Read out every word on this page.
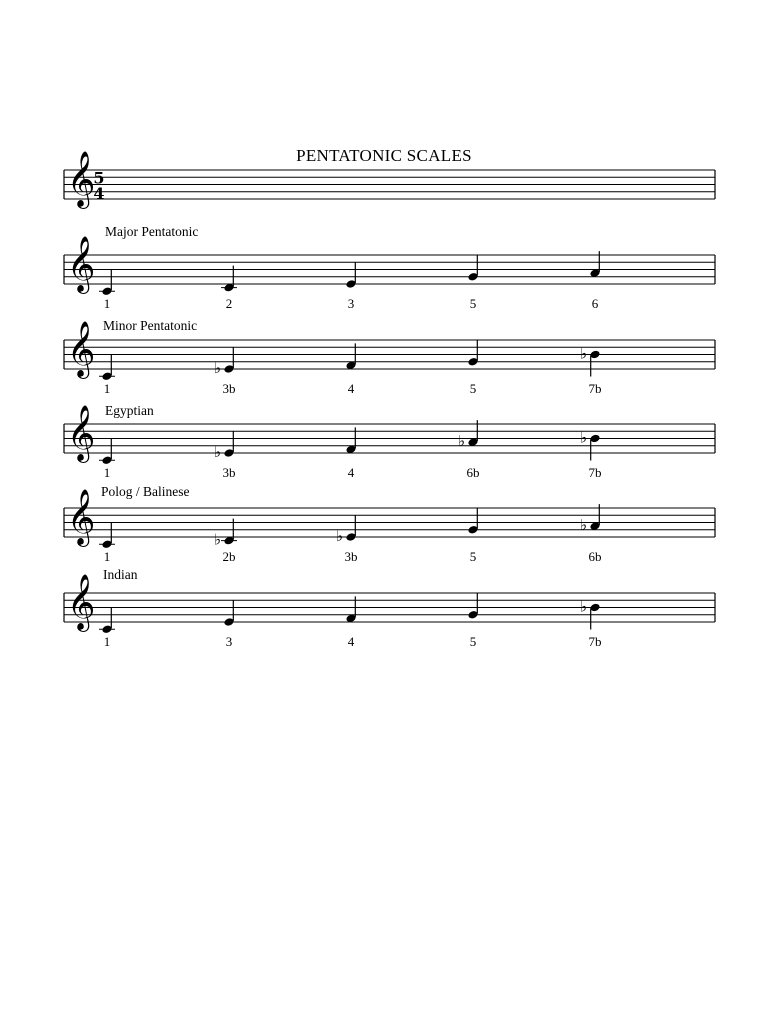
𝄞
𝄞
𝄞
𝄞
𝄞
𝄞
5
4
♭
♭
♭
♭	♭
♭	♭
♭
♭
PENTATONIC SCALES
Major Pentatonic
Minor Pentatonic
Egyptian
Polog / Balinese
Indian
1	2	3	5	6
1	3b	4	5	7b
1	3b	4	6b	7b
1	2b	3b	5	6b
1	3	4	5	7b
